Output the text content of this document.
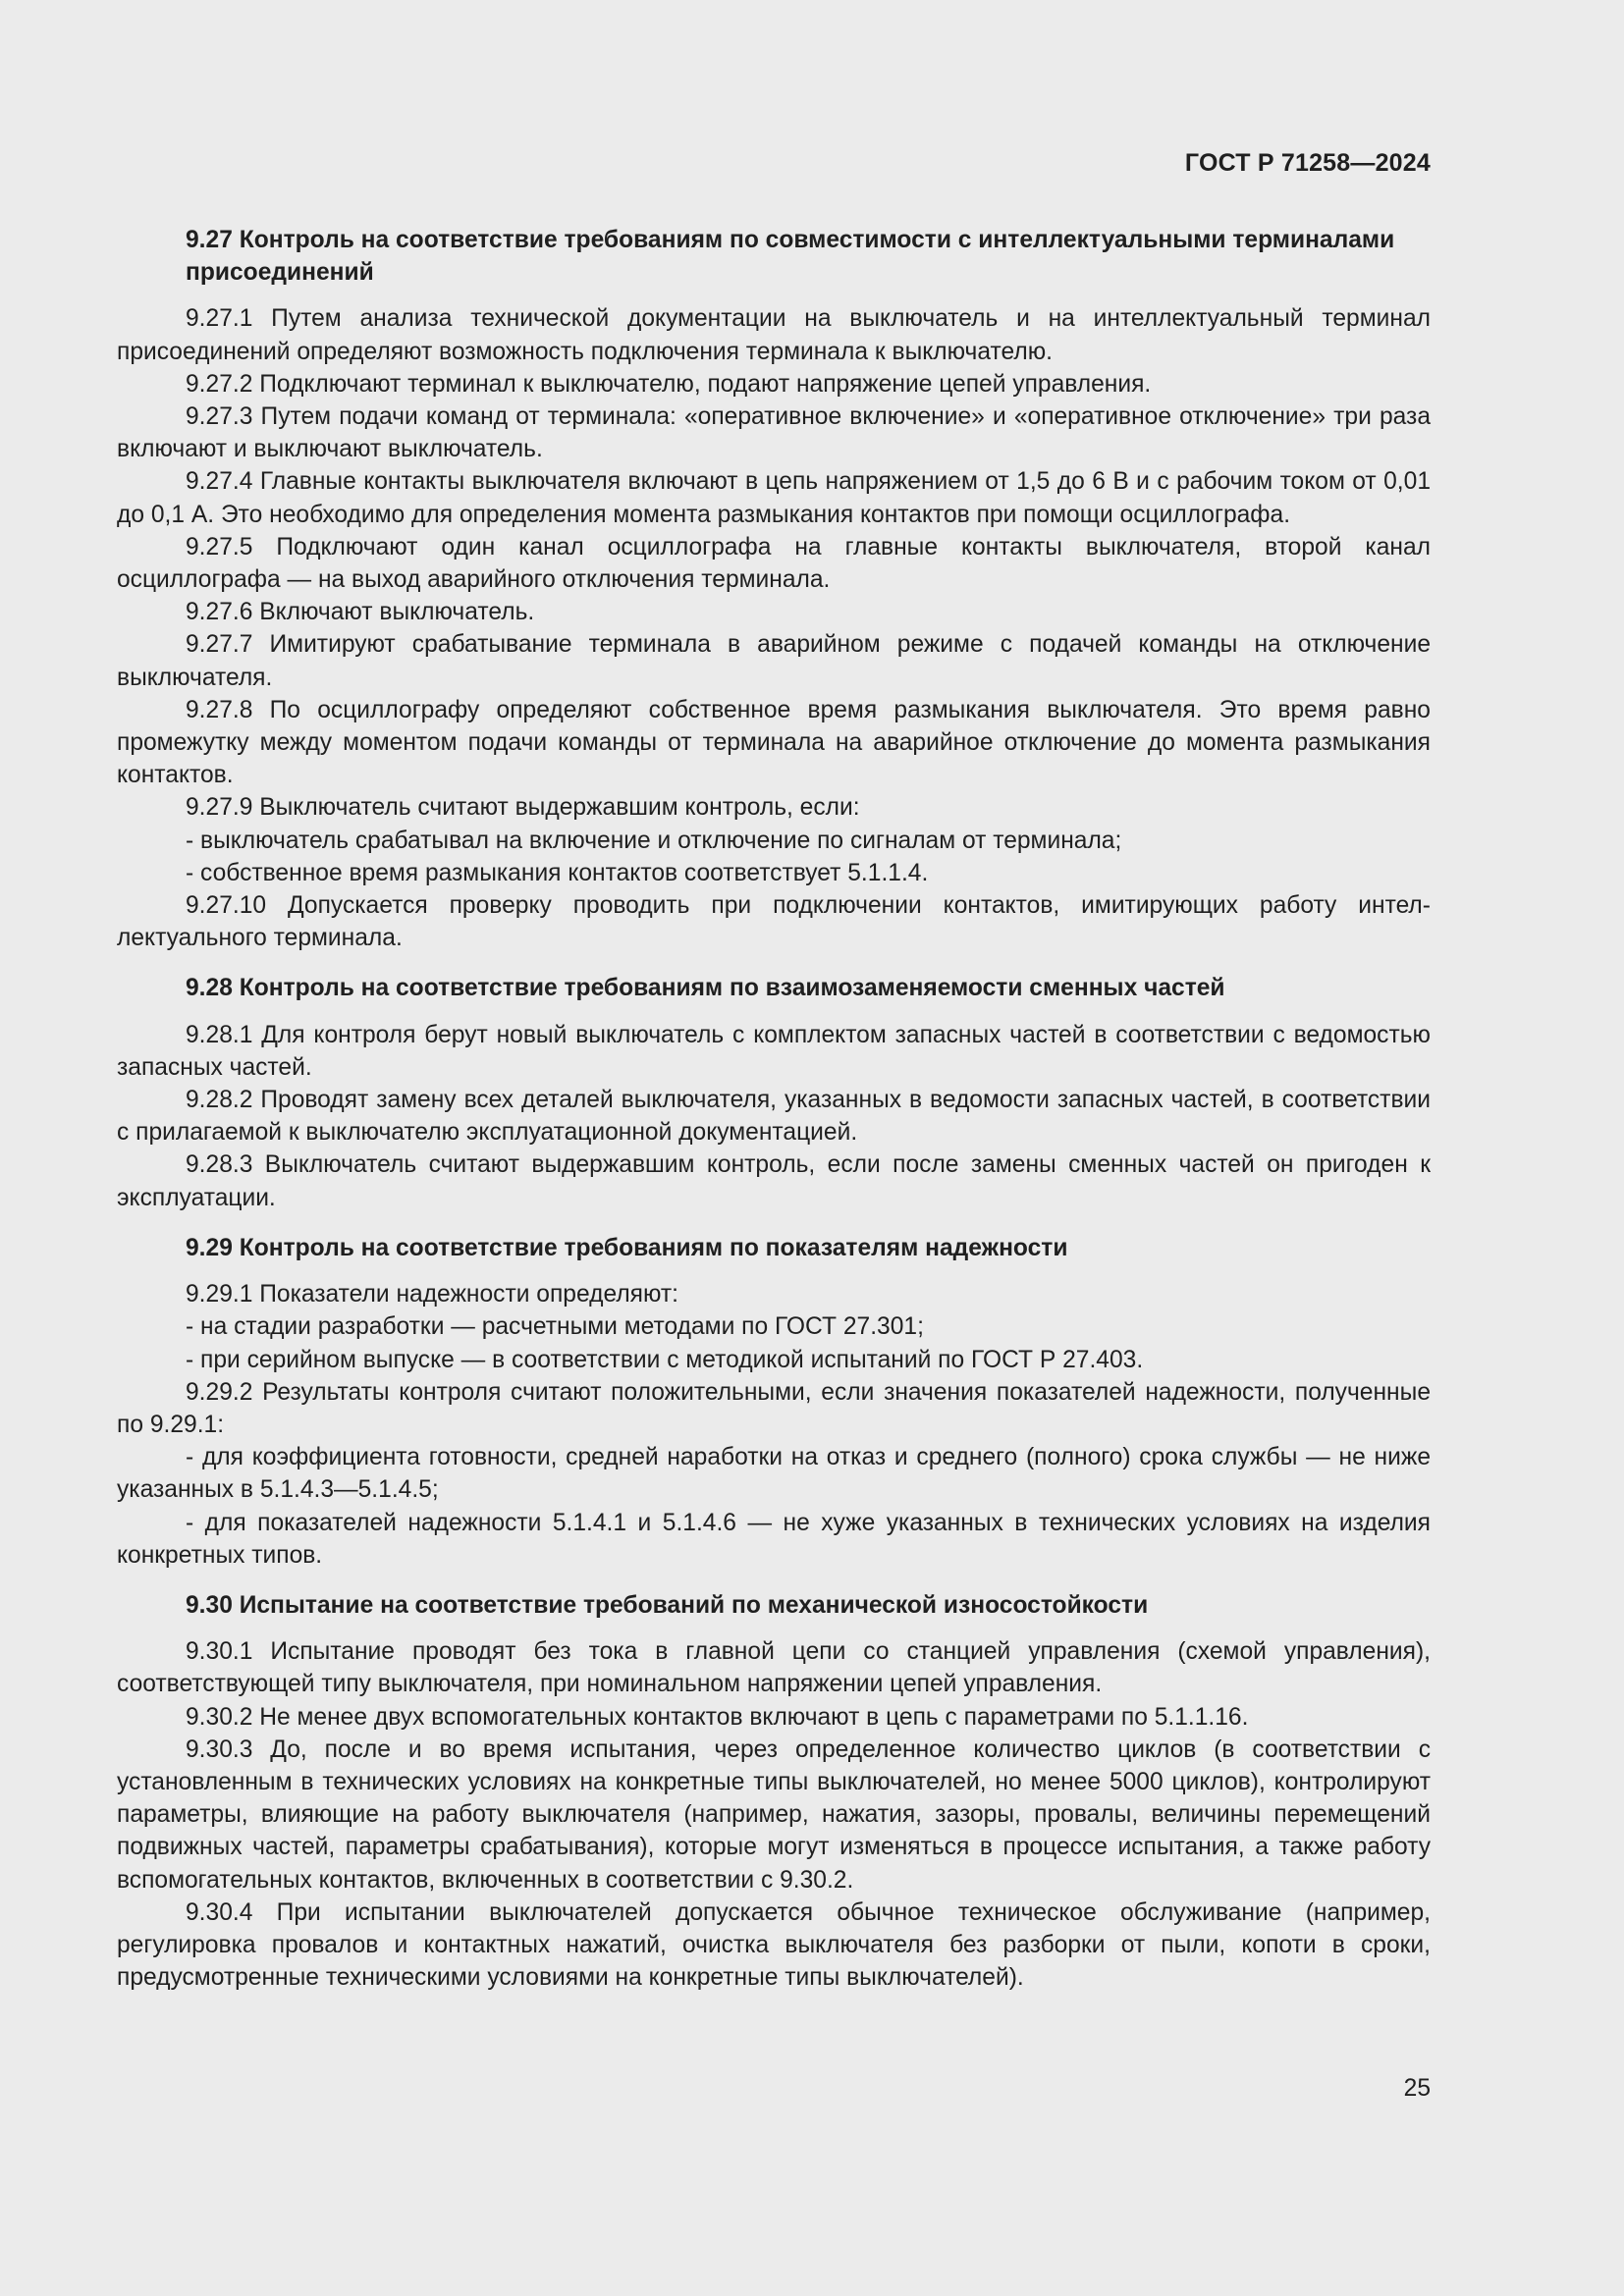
ГОСТ Р 71258—2024
9.27 Контроль на соответствие требованиям по совместимости с интеллектуальными терминалами присоединений

9.27.1 Путем анализа технической документации на выключатель и на интеллектуальный терминал присоединений определяют возможность подключения терминала к выключателю.

9.27.2 Подключают терминал к выключателю, подают напряжение цепей управления.

9.27.3 Путем подачи команд от терминала: «оперативное включение» и «оперативное отключение» три раза включают и выключают выключатель.

9.27.4 Главные контакты выключателя включают в цепь напряжением от 1,5 до 6 В и с рабочим током от 0,01 до 0,1 А. Это необходимо для определения момента размыкания контактов при помощи осциллографа.

9.27.5 Подключают один канал осциллографа на главные контакты выключателя, второй канал осциллографа — на выход аварийного отключения терминала.

9.27.6 Включают выключатель.

9.27.7 Имитируют срабатывание терминала в аварийном режиме с подачей команды на отключение выключателя.

9.27.8 По осциллографу определяют собственное время размыкания выключателя. Это время равно промежутку между моментом подачи команды от терминала на аварийное отключение до момента размыкания контактов.

9.27.9 Выключатель считают выдержавшим контроль, если:

- выключатель срабатывал на включение и отключение по сигналам от терминала;

- собственное время размыкания контактов соответствует 5.1.1.4.

9.27.10 Допускается проверку проводить при подключении контактов, имитирующих работу интеллектуального терминала.

9.28 Контроль на соответствие требованиям по взаимозаменяемости сменных частей

9.28.1 Для контроля берут новый выключатель с комплектом запасных частей в соответствии с ведомостью запасных частей.

9.28.2 Проводят замену всех деталей выключателя, указанных в ведомости запасных частей, в соответствии с прилагаемой к выключателю эксплуатационной документацией.

9.28.3 Выключатель считают выдержавшим контроль, если после замены сменных частей он пригоден к эксплуатации.

9.29 Контроль на соответствие требованиям по показателям надежности

9.29.1 Показатели надежности определяют:

- на стадии разработки — расчетными методами по ГОСТ 27.301;

- при серийном выпуске — в соответствии с методикой испытаний по ГОСТ Р 27.403.

9.29.2 Результаты контроля считают положительными, если значения показателей надежности, полученные по 9.29.1:

- для коэффициента готовности, средней наработки на отказ и среднего (полного) срока службы — не ниже указанных в 5.1.4.3—5.1.4.5;

- для показателей надежности 5.1.4.1 и 5.1.4.6 — не хуже указанных в технических условиях на изделия конкретных типов.

9.30 Испытание на соответствие требований по механической износостойкости

9.30.1 Испытание проводят без тока в главной цепи со станцией управления (схемой управления), соответствующей типу выключателя, при номинальном напряжении цепей управления.

9.30.2 Не менее двух вспомогательных контактов включают в цепь с параметрами по 5.1.1.16.

9.30.3 До, после и во время испытания, через определенное количество циклов (в соответствии с установленным в технических условиях на конкретные типы выключателей, но менее 5000 циклов), контролируют параметры, влияющие на работу выключателя (например, нажатия, зазоры, провалы, величины перемещений подвижных частей, параметры срабатывания), которые могут изменяться в процессе испытания, а также работу вспомогательных контактов, включенных в соответствии с 9.30.2.

9.30.4 При испытании выключателей допускается обычное техническое обслуживание (например, регулировка провалов и контактных нажатий, очистка выключателя без разборки от пыли, копоти в сроки, предусмотренные техническими условиями на конкретные типы выключателей).

25
